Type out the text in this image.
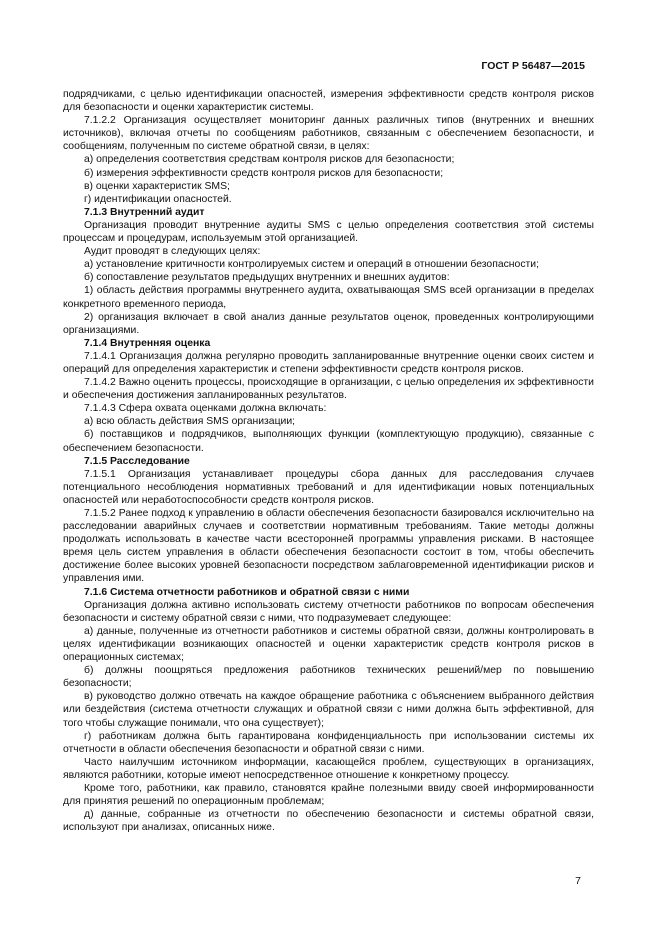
ГОСТ Р 56487—2015

подрядчиками, с целью идентификации опасностей, измерения эффективности средств контроля рисков для безопасности и оценки характеристик системы.

7.1.2.2 Организация осуществляет мониторинг данных различных типов (внутренних и внешних источников), включая отчеты по сообщениям работников, связанным с обеспечением безопасности, и сообщениям, полученным по системе обратной связи, в целях:

а) определения соответствия средствам контроля рисков для безопасности;

б) измерения эффективности средств контроля рисков для безопасности;

в) оценки характеристик SMS;

г) идентификации опасностей.

7.1.3 Внутренний аудит

Организация проводит внутренние аудиты SMS с целью определения соответствия этой системы процессам и процедурам, используемым этой организацией.

Аудит проводят в следующих целях:

а) установление критичности контролируемых систем и операций в отношении безопасности;

б) сопоставление результатов предыдущих внутренних и внешних аудитов:

1) область действия программы внутреннего аудита, охватывающая SMS всей организации в пределах конкретного временного периода,

2) организация включает в свой анализ данные результатов оценок, проведенных контролирующими организациями.

7.1.4 Внутренняя оценка

7.1.4.1 Организация должна регулярно проводить запланированные внутренние оценки своих систем и операций для определения характеристик и степени эффективности средств контроля рисков.

7.1.4.2 Важно оценить процессы, происходящие в организации, с целью определения их эффективности и обеспечения достижения запланированных результатов.

7.1.4.3 Сфера охвата оценками должна включать:

а) всю область действия SMS организации;

б) поставщиков и подрядчиков, выполняющих функции (комплектующую продукцию), связанные с обеспечением безопасности.

7.1.5 Расследование

7.1.5.1 Организация устанавливает процедуры сбора данных для расследования случаев потенциального несоблюдения нормативных требований и для идентификации новых потенциальных опасностей или неработоспособности средств контроля рисков.

7.1.5.2 Ранее подход к управлению в области обеспечения безопасности базировался исключительно на расследовании аварийных случаев и соответствии нормативным требованиям. Такие методы должны продолжать использовать в качестве части всесторонней программы управления рисками. В настоящее время цель систем управления в области обеспечения безопасности состоит в том, чтобы обеспечить достижение более высоких уровней безопасности посредством заблаговременной идентификации рисков и управления ими.

7.1.6 Система отчетности работников и обратной связи с ними

Организация должна активно использовать систему отчетности работников по вопросам обеспечения безопасности и систему обратной связи с ними, что подразумевает следующее:

а) данные, полученные из отчетности работников и системы обратной связи, должны контролировать в целях идентификации возникающих опасностей и оценки характеристик средств контроля рисков в операционных системах;

б) должны поощряться предложения работников технических решений/мер по повышению безопасности;

в) руководство должно отвечать на каждое обращение работника с объяснением выбранного действия или бездействия (система отчетности служащих и обратной связи с ними должна быть эффективной, для того чтобы служащие понимали, что она существует);

г) работникам должна быть гарантирована конфиденциальность при использовании системы их отчетности в области обеспечения безопасности и обратной связи с ними.

Часто наилучшим источником информации, касающейся проблем, существующих в организациях, являются работники, которые имеют непосредственное отношение к конкретному процессу.

Кроме того, работники, как правило, становятся крайне полезными ввиду своей информированности для принятия решений по операционным проблемам;

д) данные, собранные из отчетности по обеспечению безопасности и системы обратной связи, используют при анализах, описанных ниже.

7
